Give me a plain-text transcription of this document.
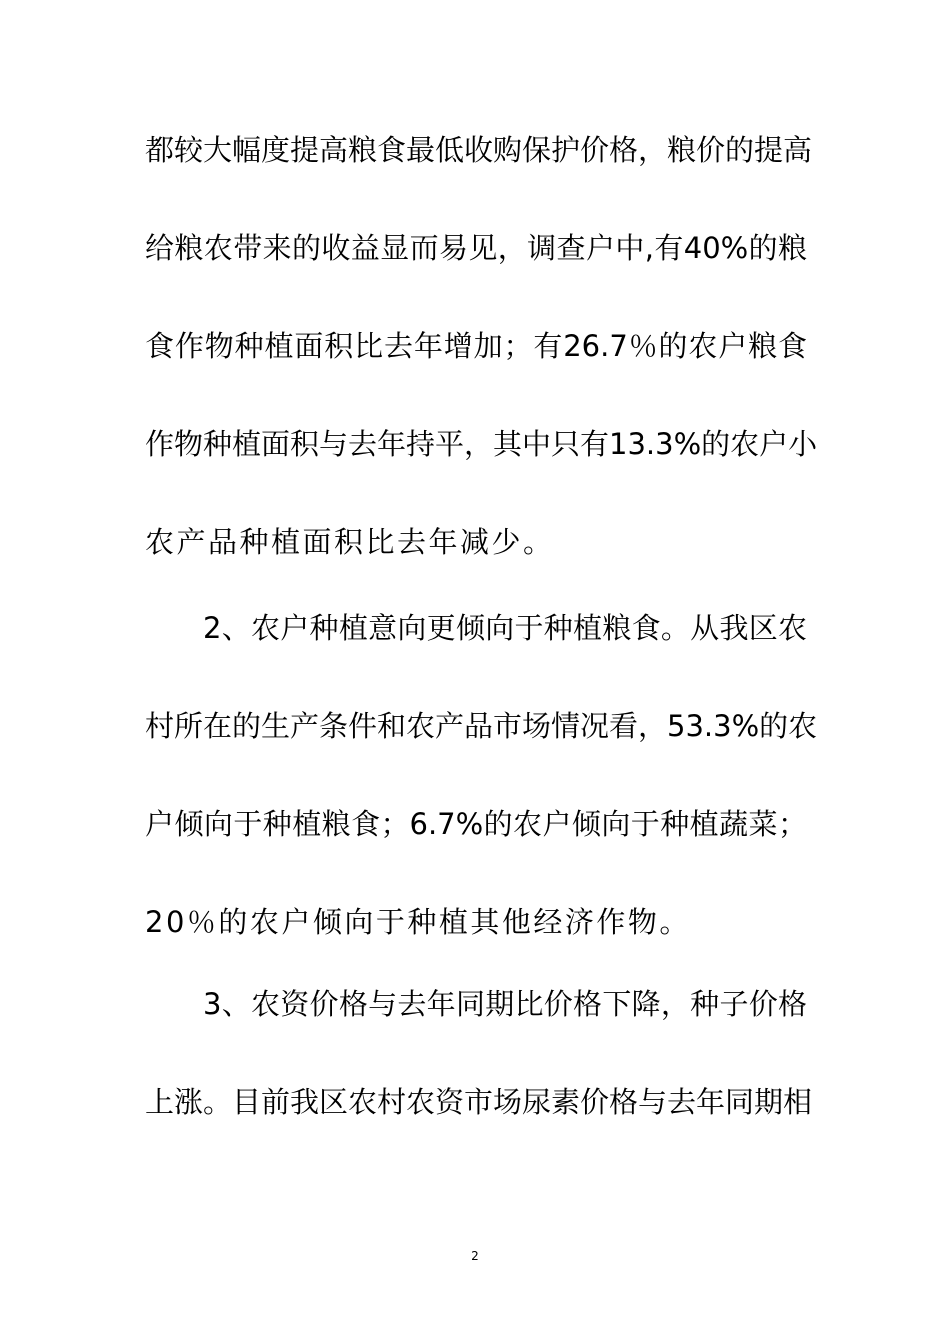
都较大幅度提高粮食最低收购保护价格，粮价的提高
给粮农带来的收益显而易见，调查户中,有40%的粮
食作物种植面积比去年增加；有26.7％的农户粮食
作物种植面积与去年持平，其中只有13.3%的农户小
农产品种植面积比去年减少。
2、农户种植意向更倾向于种植粮食。从我区农
村所在的生产条件和农产品市场情况看，53.3%的农
户倾向于种植粮食；6.7%的农户倾向于种植蔬菜；
20％的农户倾向于种植其他经济作物。
3、农资价格与去年同期比价格下降，种子价格
上涨。目前我区农村农资市场尿素价格与去年同期相
2
